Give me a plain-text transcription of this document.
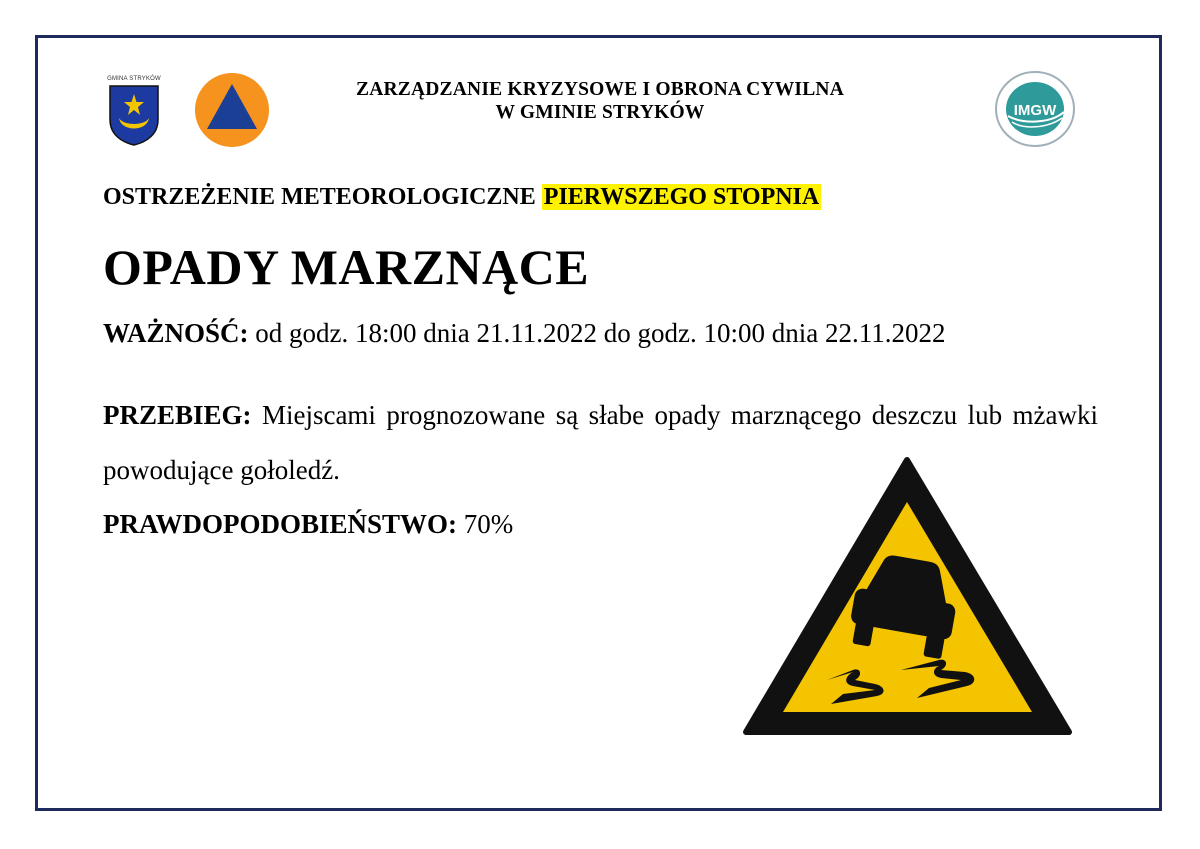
GMINA STRYKÓW	ZARZĄDZANIE KRYZYSOWE I OBRONA CYWILNA
W GMINIE STRYKÓW	IMGW
OSTRZEŻENIE METEOROLOGICZNE PIERWSZEGO STOPNIA
OPADY MARZNĄCE
WAŻNOŚĆ: od godz. 18:00 dnia 21.11.2022 do godz. 10:00 dnia 22.11.2022
PRZEBIEG: Miejscami prognozowane są słabe opady marznącego deszczu lub mżawki powodujące gołoledź.
PRAWDOPODOBIEŃSTWO: 70%
